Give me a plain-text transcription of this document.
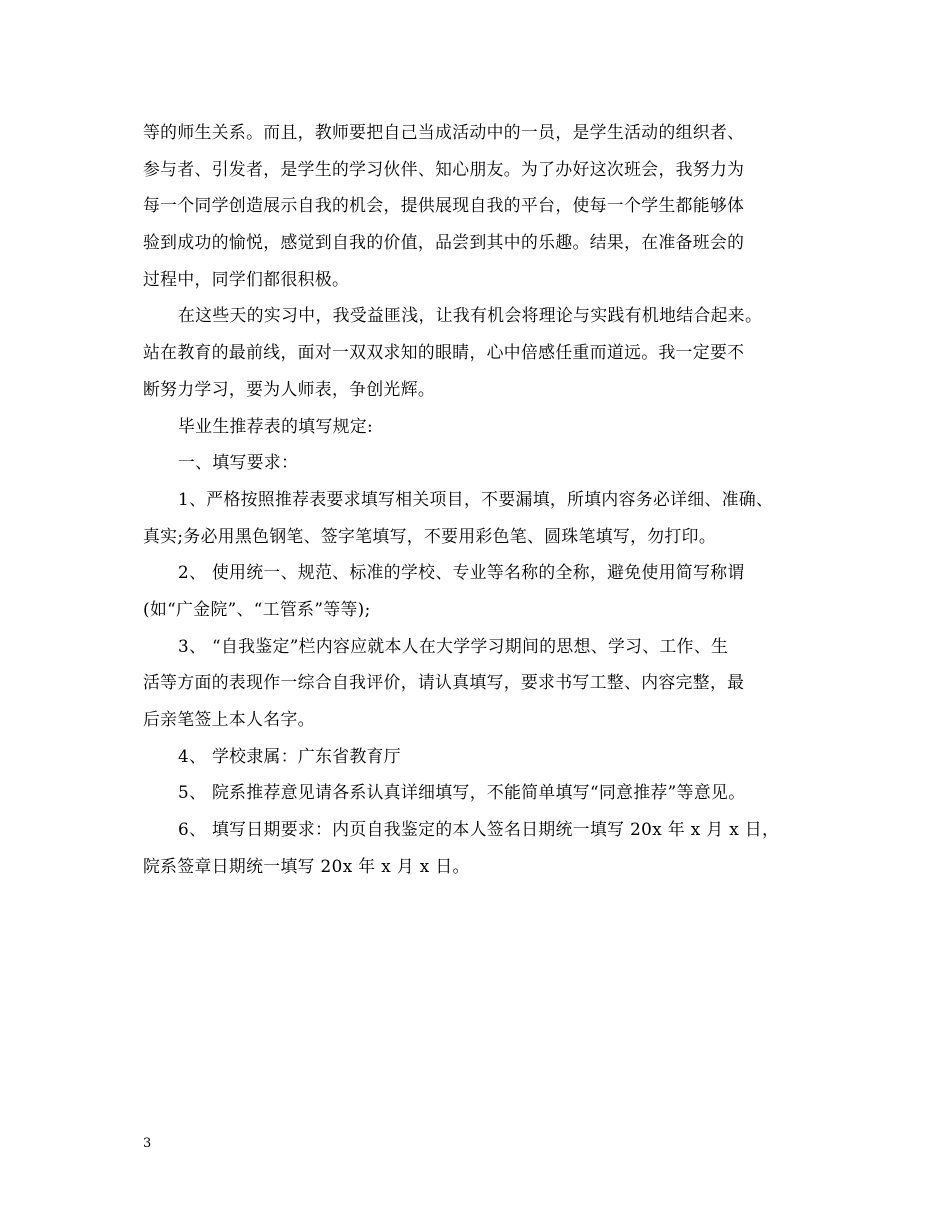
等的师生关系。而且，教师要把自己当成活动中的一员，是学生活动的组织者、
参与者、引发者，是学生的学习伙伴、知心朋友。为了办好这次班会，我努力为
每一个同学创造展示自我的机会，提供展现自我的平台，使每一个学生都能够体
验到成功的愉悦，感觉到自我的价值，品尝到其中的乐趣。结果，在准备班会的
过程中，同学们都很积极。
在这些天的实习中，我受益匪浅，让我有机会将理论与实践有机地结合起来。
站在教育的最前线，面对一双双求知的眼睛，心中倍感任重而道远。我一定要不
断努力学习，要为人师表，争创光辉。
毕业生推荐表的填写规定:
一、填写要求：
1、严格按照推荐表要求填写相关项目，不要漏填，所填内容务必详细、准确、
真实;务必用黑色钢笔、签字笔填写，不要用彩色笔、圆珠笔填写，勿打印。
2、 使用统一、规范、标准的学校、专业等名称的全称，避免使用简写称谓
(如“广金院”、“工管系”等等);
3、 “自我鉴定”栏内容应就本人在大学学习期间的思想、学习、工作、生
活等方面的表现作一综合自我评价，请认真填写，要求书写工整、内容完整，最
后亲笔签上本人名字。
4、 学校隶属：广东省教育厅
5、 院系推荐意见请各系认真详细填写，不能简单填写“同意推荐”等意见。
6、 填写日期要求：内页自我鉴定的本人签名日期统一填写 20x 年 x 月 x 日，
院系签章日期统一填写 20x 年 x 月 x 日。
3
